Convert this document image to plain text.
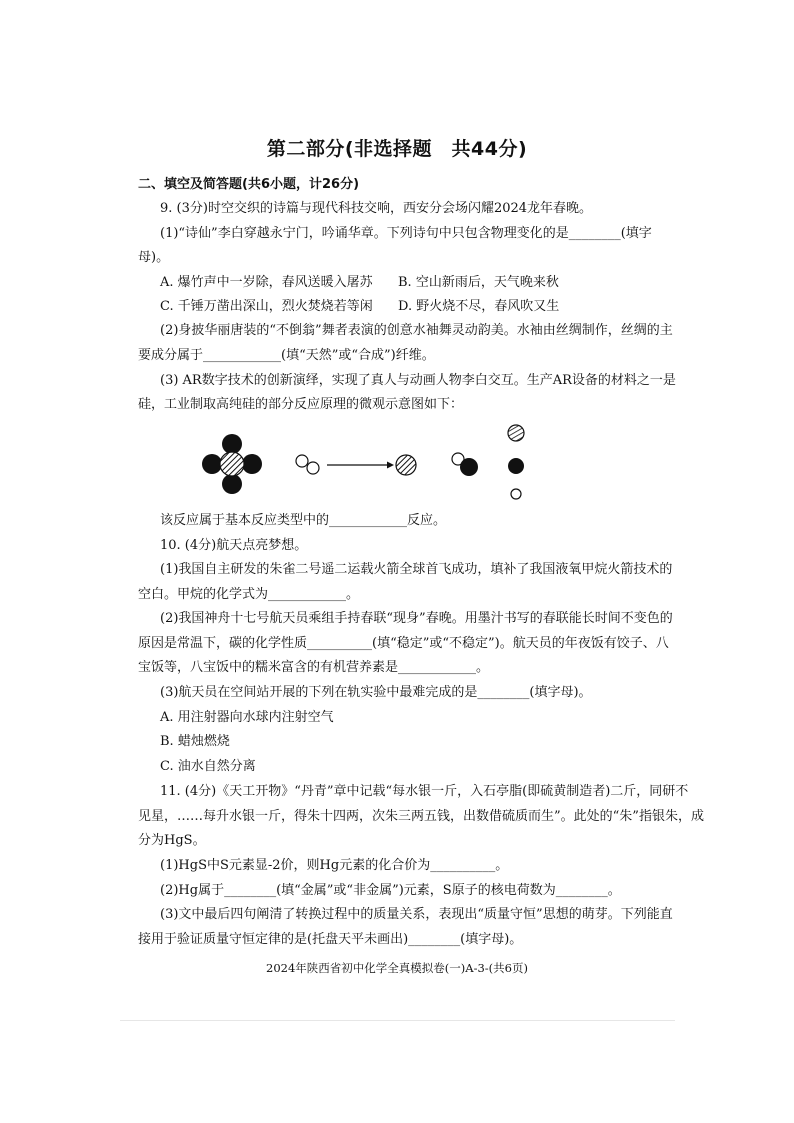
第二部分(非选择题　共44分)
二、填空及简答题(共6小题，计26分)
9. (3分)时空交织的诗篇与现代科技交响，西安分会场闪耀2024龙年春晚。
(1)“诗仙”李白穿越永宁门，吟诵华章。下列诗句中只包含物理变化的是________(填字
母)。
A. 爆竹声中一岁除，春风送暖入屠苏 B. 空山新雨后，天气晚来秋
C. 千锤万凿出深山，烈火焚烧若等闲 D. 野火烧不尽，春风吹又生
(2)身披华丽唐装的“不倒翁”舞者表演的创意水袖舞灵动韵美。水袖由丝绸制作，丝绸的主
要成分属于____________(填“天然”或“合成”)纤维。
(3) AR数字技术的创新演绎，实现了真人与动画人物李白交互。生产AR设备的材料之一是
硅，工业制取高纯硅的部分反应原理的微观示意图如下：
该反应属于基本反应类型中的____________反应。
10. (4分)航天点亮梦想。
(1)我国自主研发的朱雀二号遥二运载火箭全球首飞成功，填补了我国液氧甲烷火箭技术的
空白。甲烷的化学式为____________。
(2)我国神舟十七号航天员乘组手持春联“现身”春晚。用墨汁书写的春联能长时间不变色的
原因是常温下，碳的化学性质__________(填“稳定”或“不稳定”)。航天员的年夜饭有饺子、八
宝饭等，八宝饭中的糯米富含的有机营养素是____________。
(3)航天员在空间站开展的下列在轨实验中最难完成的是________(填字母)。
A. 用注射器向水球内注射空气
B. 蜡烛燃烧
C. 油水自然分离
11. (4分)《天工开物》“丹青”章中记载“每水银一斤，入石亭脂(即硫黄制造者)二斤，同研不
见星，……每升水银一斤，得朱十四两，次朱三两五钱，出数借硫质而生”。此处的“朱”指银朱，成
分为HgS。
(1)HgS中S元素显-2价，则Hg元素的化合价为__________。
(2)Hg属于________(填“金属”或“非金属”)元素，S原子的核电荷数为________。
(3)文中最后四句阐清了转换过程中的质量关系，表现出“质量守恒”思想的萌芽。下列能直
接用于验证质量守恒定律的是(托盘天平未画出)________(填字母)。
2024年陕西省初中化学全真模拟卷(一)A-3-(共6页)
